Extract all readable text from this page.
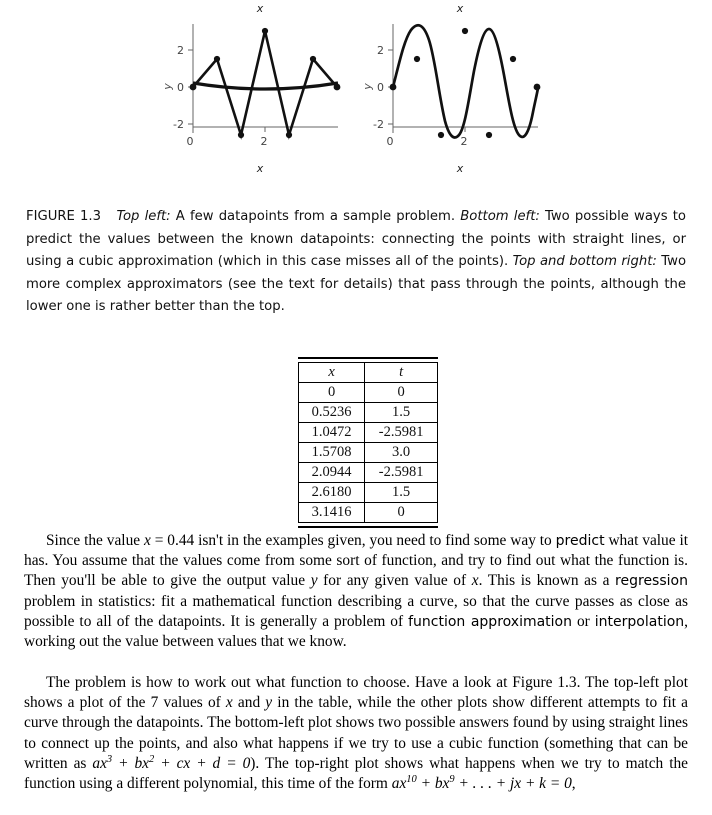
x
y
x
0	2
2
0
-2
x
y
x
0	2
2
0
-2
FIGURE 1.3 Top left: A few datapoints from a sample problem. Bottom left: Two possible ways to predict the values between the known datapoints: connecting the points with straight lines, or using a cubic approximation (which in this case misses all of the points). Top and bottom right: Two more complex approximators (see the text for details) that pass through the points, although the lower one is rather better than the top.
x	t
0	0
0.5236	1.5
1.0472	-2.5981
1.5708	3.0
2.0944	-2.5981
2.6180	1.5
3.1416	0
Since the value x = 0.44 isn't in the examples given, you need to find some way to predict what value it has. You assume that the values come from some sort of function, and try to find out what the function is. Then you'll be able to give the output value y for any given value of x. This is known as a regression problem in statistics: fit a mathematical function describing a curve, so that the curve passes as close as possible to all of the datapoints. It is generally a problem of function approximation or interpolation, working out the value between values that we know.
The problem is how to work out what function to choose. Have a look at Figure 1.3. The top-left plot shows a plot of the 7 values of x and y in the table, while the other plots show different attempts to fit a curve through the datapoints. The bottom-left plot shows two possible answers found by using straight lines to connect up the points, and also what happens if we try to use a cubic function (something that can be written as $ax^3 + bx^2$ + cx + d = 0). The top-right plot shows what happens when we try to match the function using a different polynomial, this time of the form $ax^{10} + bx^9$ + . . . + jx + k = 0,
